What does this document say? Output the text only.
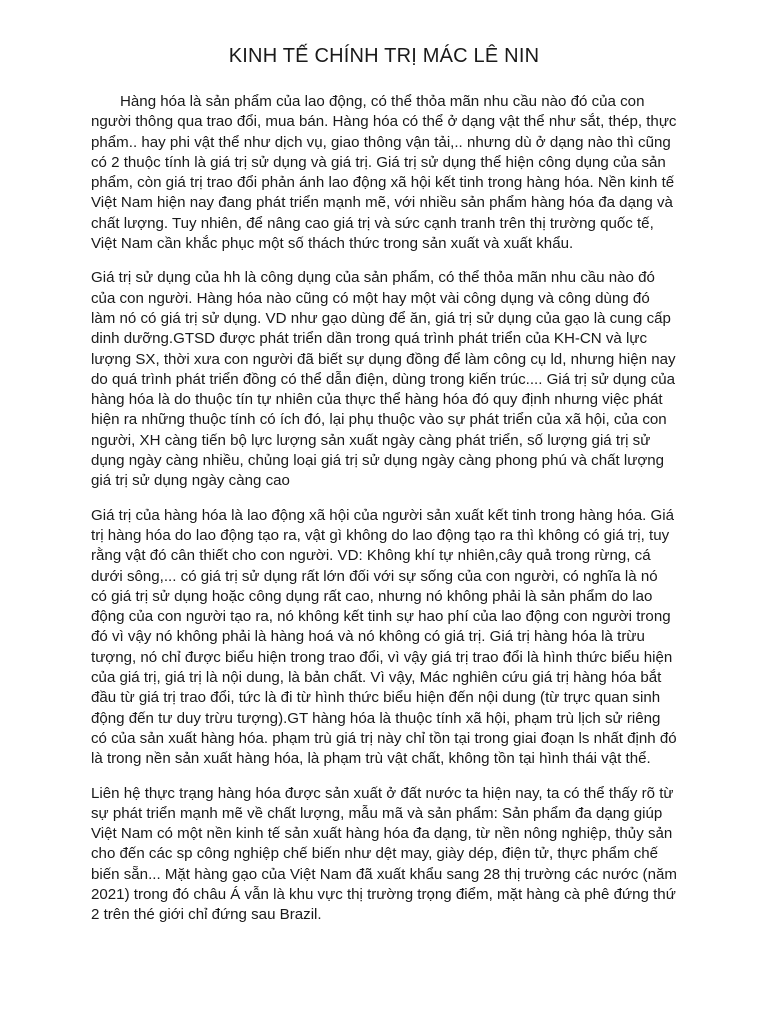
KINH TẾ CHÍNH TRỊ MÁC LÊ NIN

Hàng hóa là sản phẩm của lao động, có thể thỏa mãn nhu cầu nào đó của con người thông qua trao đổi, mua bán. Hàng hóa có thể ở dạng vật thể như sắt, thép, thực phẩm.. hay phi vật thể như dịch vụ, giao thông vận tải,.. nhưng dù ở dạng nào thì cũng có 2 thuộc tính là giá trị sử dụng và giá trị. Giá trị sử dụng thể hiện công dụng của sản phẩm, còn giá trị trao đổi phản ánh lao động xã hội kết tinh trong hàng hóa. Nền kinh tế Việt Nam hiện nay đang phát triển mạnh mẽ, với nhiều sản phẩm hàng hóa đa dạng và chất lượng. Tuy nhiên, để nâng cao giá trị và sức cạnh tranh trên thị trường quốc tế, Việt Nam cần khắc phục một số thách thức trong sản xuất và xuất khẩu.

Giá trị sử dụng của hh là công dụng của sản phẩm, có thể thỏa mãn nhu cầu nào đó của con người. Hàng hóa nào cũng có một hay một vài công dụng và công dùng đó làm nó có giá trị sử dụng. VD như gạo dùng để ăn, giá trị sử dụng của gạo là cung cấp dinh dưỡng.GTSD được phát triển dần trong quá trình phát triển của KH-CN và lực lượng SX, thời xưa con người đã biết sự dụng đồng để làm công cụ ld, nhưng hiện nay do quá trình phát triển đồng có thể dẫn điện, dùng trong kiến trúc.... Giá trị sử dụng của hàng hóa là do thuộc tín tự nhiên của thực thể hàng hóa đó quy định nhưng việc phát hiện ra những thuộc tính có ích đó, lại phụ thuộc vào sự phát triển của xã hội, của con người, XH càng tiến bộ lực lượng sản xuất ngày càng phát triển, số lượng giá trị sử dụng ngày càng nhiều, chủng loại giá trị sử dụng ngày càng phong phú và chất lượng giá trị sử dụng ngày càng cao

Giá trị của hàng hóa là lao động xã hội của người sản xuất kết tinh trong hàng hóa. Giá trị hàng hóa do lao động tạo ra, vật gì không do lao động tạo ra thì không có giá trị, tuy rằng vật đó cân thiết cho con người. VD: Không khí tự nhiên,cây quả trong rừng, cá dưới sông,... có giá trị sử dụng rất lớn đối với sự sống của con người, có nghĩa là nó có giá trị sử dụng hoặc công dụng rất cao, nhưng nó không phải là sản phẩm do lao động của con người tạo ra, nó không kết tinh sự hao phí của lao động con người trong đó vì vậy nó không phải là hàng hoá và nó không có giá trị. Giá trị hàng hóa là trừu tượng, nó chỉ được biểu hiện trong trao đổi, vì vậy giá trị trao đổi là hình thức biểu hiện của giá trị, giá trị là nội dung, là bản chất. Vì vậy, Mác nghiên cứu giá trị hàng hóa bắt đầu từ giá trị trao đổi, tức là đi từ hình thức biểu hiện đến nội dung (từ trực quan sinh động đến tư duy trừu tượng).GT hàng hóa là thuộc tính xã hội, phạm trù lịch sử riêng có của sản xuất hàng hóa. phạm trù giá trị này chỉ tồn tại trong giai đoạn ls nhất định đó là trong nền sản xuất hàng hóa, là phạm trù vật chất, không tồn tại hình thái vật thể.

Liên hệ thực trạng hàng hóa được sản xuất ở đất nước ta hiện nay, ta có thể thấy rõ từ sự phát triển mạnh mẽ về chất lượng, mẫu mã và sản phẩm: Sản phẩm đa dạng giúp Việt Nam có một nền kinh tế sản xuất hàng hóa đa dạng, từ nền nông nghiệp, thủy sản cho đến các sp công nghiệp chế biến như dệt may, giày dép, điện tử, thực phẩm chế biến sẵn... Mặt hàng gạo của Việt Nam đã xuất khẩu sang 28 thị trường các nước (năm 2021) trong đó châu Á vẫn là khu vực thị trường trọng điểm, mặt hàng cà phê đứng thứ 2 trên thé giới chỉ đứng sau Brazil.
